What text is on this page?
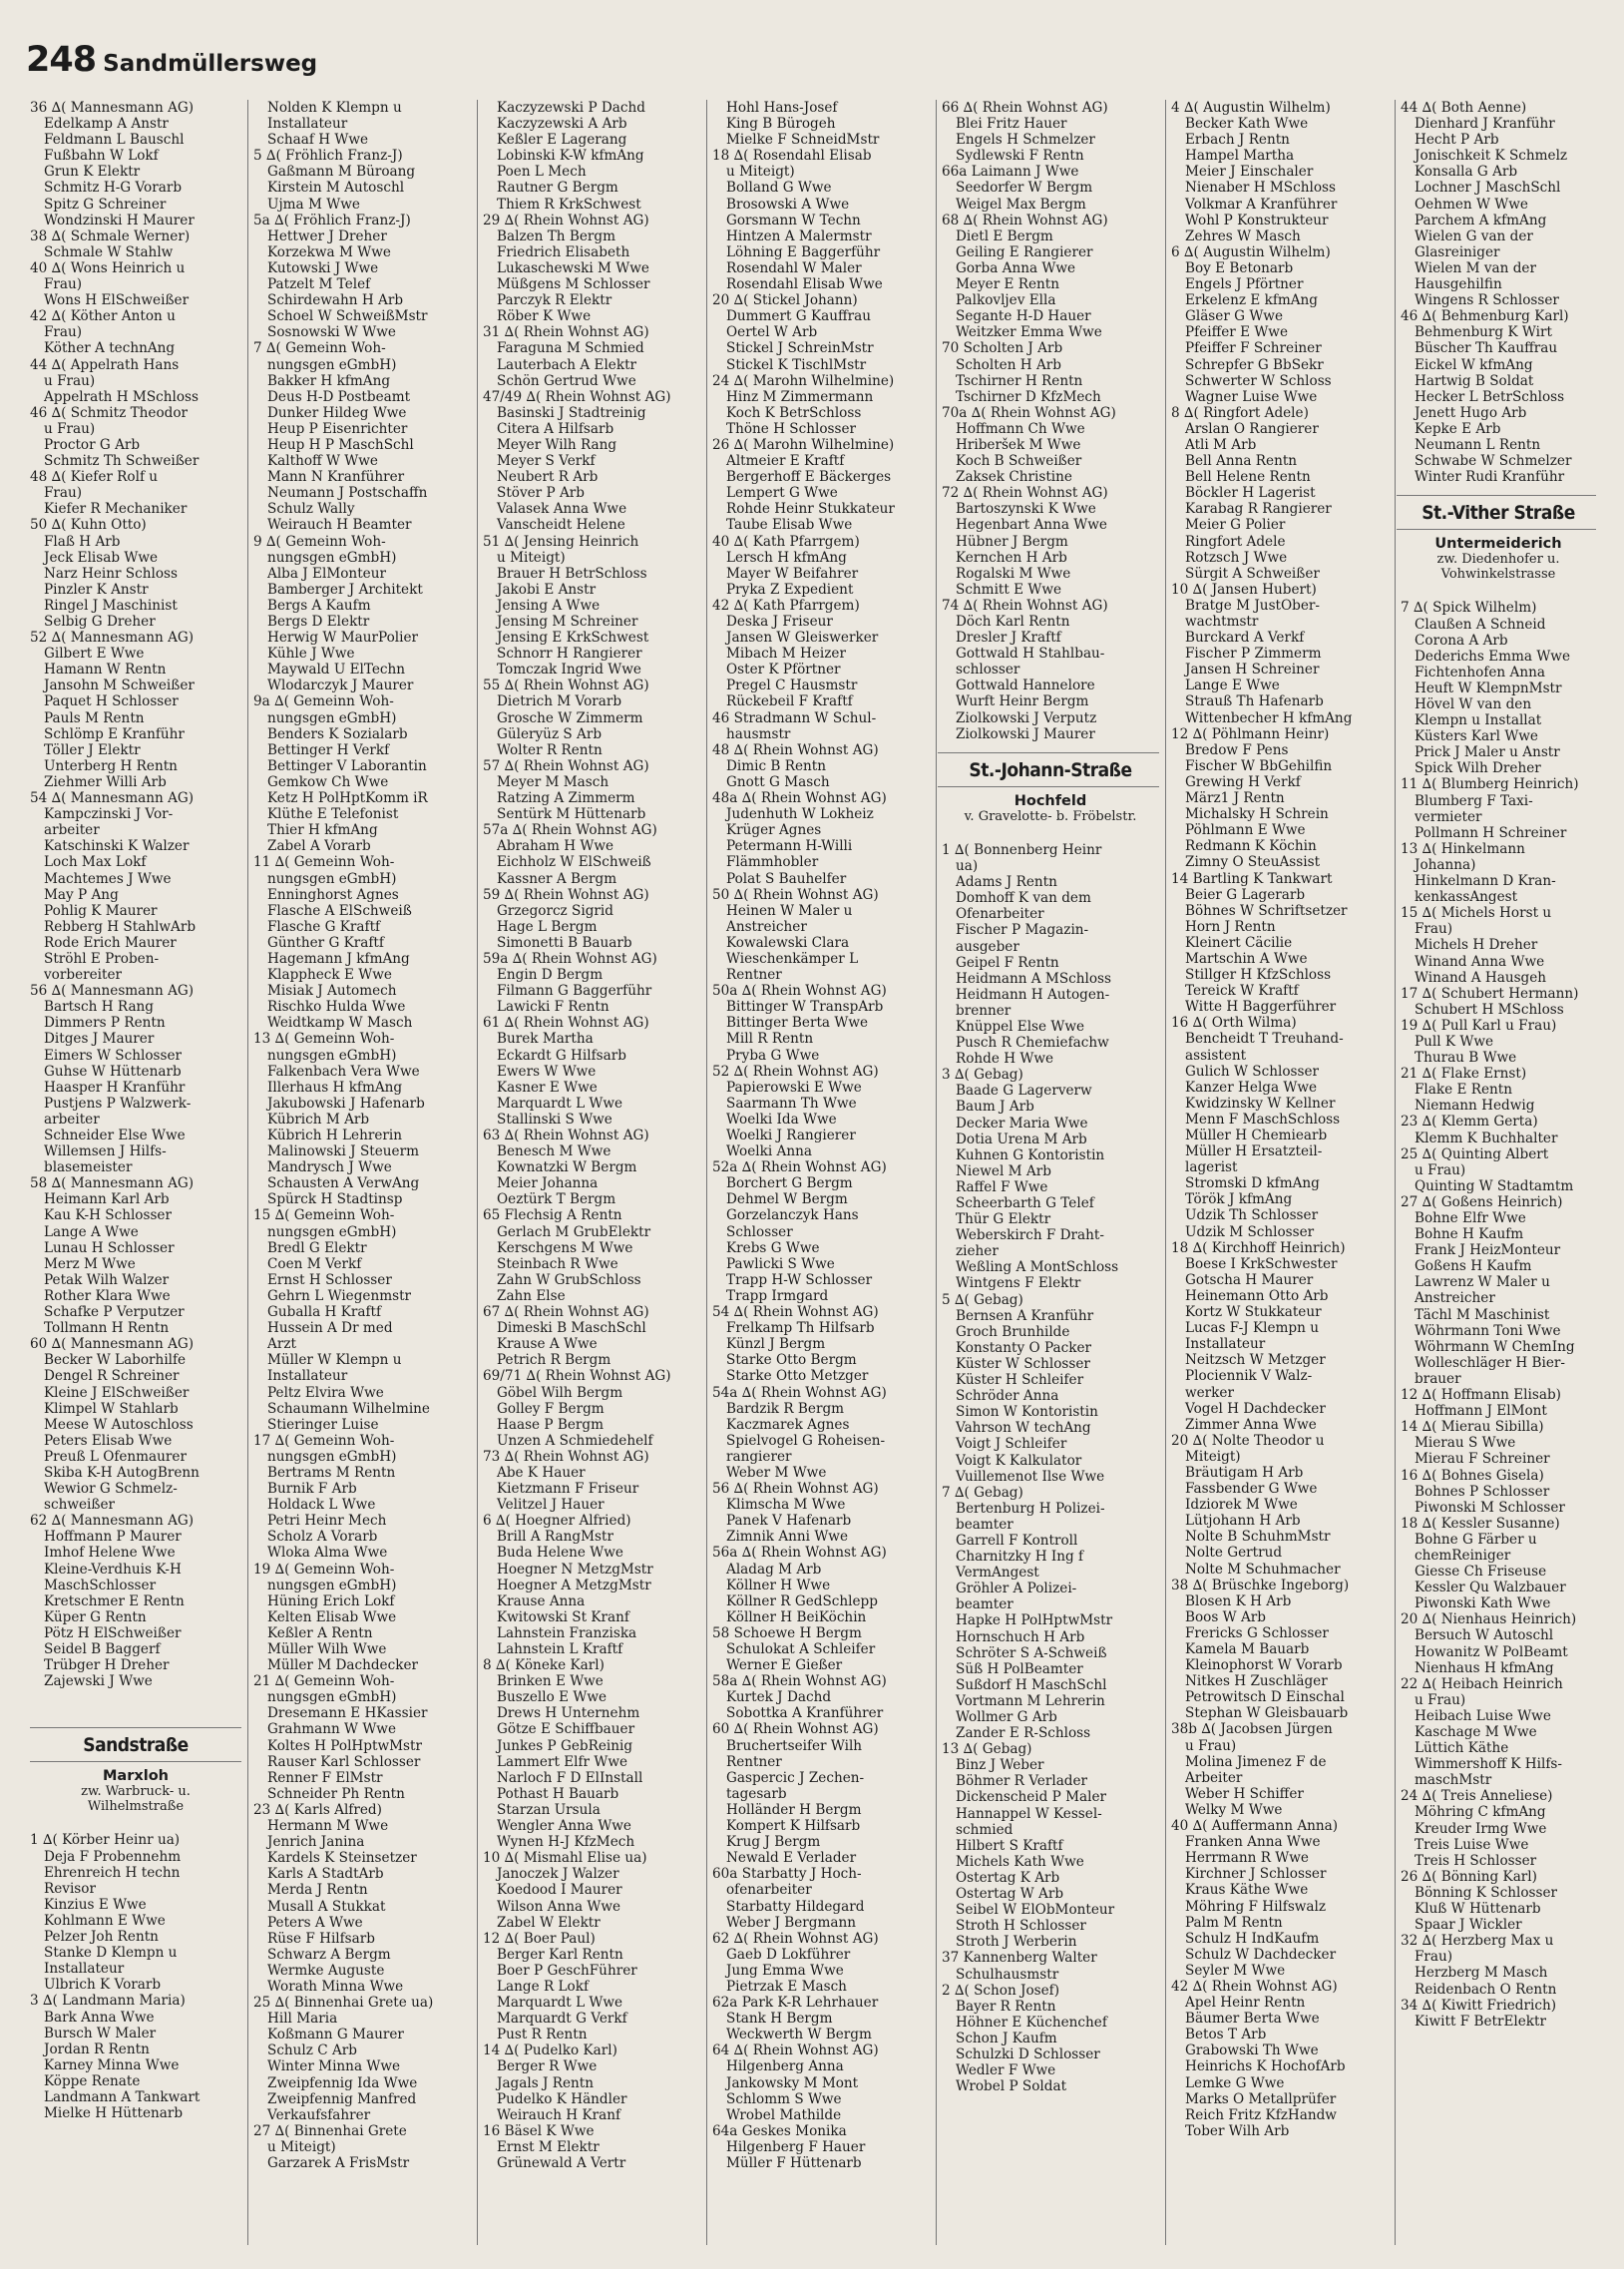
248 Sandmüllersweg
36 ∆( Mannesmann AG)
Edelkamp A Anstr
Feldmann L Bauschl
Fußbahn W Lokf
Grun K Elektr
Schmitz H-G Vorarb
Spitz G Schreiner
Wondzinski H Maurer
38 ∆( Schmale Werner)
Schmale W Stahlw
40 ∆( Wons Heinrich u
Frau)
Wons H ElSchweißer
42 ∆( Köther Anton u
Frau)
Köther A technAng
44 ∆( Appelrath Hans
u Frau)
Appelrath H MSchloss
46 ∆( Schmitz Theodor
u Frau)
Proctor G Arb
Schmitz Th Schweißer
48 ∆( Kiefer Rolf u
Frau)
Kiefer R Mechaniker
50 ∆( Kuhn Otto)
Flaß H Arb
Jeck Elisab Wwe
Narz Heinr Schloss
Pinzler K Anstr
Ringel J Maschinist
Selbig G Dreher
52 ∆( Mannesmann AG)
Gilbert E Wwe
Hamann W Rentn
Jansohn M Schweißer
Paquet H Schlosser
Pauls M Rentn
Schlömp E Kranführ
Töller J Elektr
Unterberg H Rentn
Ziehmer Willi Arb
54 ∆( Mannesmann AG)
Kampczinski J Vor-
arbeiter
Katschinski K Walzer
Loch Max Lokf
Machtemes J Wwe
May P Ang
Pohlig K Maurer
Rebberg H StahlwArb
Rode Erich Maurer
Ströhl E Proben-
vorbereiter
56 ∆( Mannesmann AG)
Bartsch H Rang
Dimmers P Rentn
Ditges J Maurer
Eimers W Schlosser
Guhse W Hüttenarb
Haasper H Kranführ
Pustjens P Walzwerk-
arbeiter
Schneider Else Wwe
Willemsen J Hilfs-
blasemeister
58 ∆( Mannesmann AG)
Heimann Karl Arb
Kau K-H Schlosser
Lange A Wwe
Lunau H Schlosser
Merz M Wwe
Petak Wilh Walzer
Rother Klara Wwe
Schafke P Verputzer
Tollmann H Rentn
60 ∆( Mannesmann AG)
Becker W Laborhilfe
Dengel R Schreiner
Kleine J ElSchweißer
Klimpel W Stahlarb
Meese W Autoschloss
Peters Elisab Wwe
Preuß L Ofenmaurer
Skiba K-H AutogBrenn
Wewior G Schmelz-
schweißer
62 ∆( Mannesmann AG)
Hoffmann P Maurer
Imhof Helene Wwe
Kleine-Verdhuis K-H
MaschSchlosser
Kretschmer E Rentn
Küper G Rentn
Pötz H ElSchweißer
Seidel B Baggerf
Trübger H Dreher
Zajewski J Wwe
Sandstraße
Marxloh
zw. Warbruck- u.
Wilhelmstraße
1 ∆( Körber Heinr ua)
Deja F Probennehm
Ehrenreich H techn
Revisor
Kinzius E Wwe
Kohlmann E Wwe
Pelzer Joh Rentn
Stanke D Klempn u
Installateur
Ulbrich K Vorarb
3 ∆( Landmann Maria)
Bark Anna Wwe
Bursch W Maler
Jordan R Rentn
Karney Minna Wwe
Köppe Renate
Landmann A Tankwart
Mielke H Hüttenarb
Nolden K Klempn u
Installateur
Schaaf H Wwe
5 ∆( Fröhlich Franz-J)
Gaßmann M Büroang
Kirstein M Autoschl
Ujma M Wwe
5a ∆( Fröhlich Franz-J)
Hettwer J Dreher
Korzekwa M Wwe
Kutowski J Wwe
Patzelt M Telef
Schirdewahn H Arb
Schoel W SchweißMstr
Sosnowski W Wwe
7 ∆( Gemeinn Woh-
nungsgen eGmbH)
Bakker H kfmAng
Deus H-D Postbeamt
Dunker Hildeg Wwe
Heup P Eisenrichter
Heup H P MaschSchl
Kalthoff W Wwe
Mann N Kranführer
Neumann J Postschaffn
Schulz Wally
Weirauch H Beamter
9 ∆( Gemeinn Woh-
nungsgen eGmbH)
Alba J ElMonteur
Bamberger J Architekt
Bergs A Kaufm
Bergs D Elektr
Herwig W MaurPolier
Kühle J Wwe
Maywald U ElTechn
Wlodarczyk J Maurer
9a ∆( Gemeinn Woh-
nungsgen eGmbH)
Benders K Sozialarb
Bettinger H Verkf
Bettinger V Laborantin
Gemkow Ch Wwe
Ketz H PolHptKomm iR
Klüthe E Telefonist
Thier H kfmAng
Zabel A Vorarb
11 ∆( Gemeinn Woh-
nungsgen eGmbH)
Enninghorst Agnes
Flasche A ElSchweiß
Flasche G Kraftf
Günther G Kraftf
Hagemann J kfmAng
Klappheck E Wwe
Misiak J Automech
Rischko Hulda Wwe
Weidtkamp W Masch
13 ∆( Gemeinn Woh-
nungsgen eGmbH)
Falkenbach Vera Wwe
Illerhaus H kfmAng
Jakubowski J Hafenarb
Kübrich M Arb
Kübrich H Lehrerin
Malinowski J Steuerm
Mandrysch J Wwe
Schausten A VerwAng
Spürck H Stadtinsp
15 ∆( Gemeinn Woh-
nungsgen eGmbH)
Bredl G Elektr
Coen M Verkf
Ernst H Schlosser
Gehrn L Wiegenmstr
Guballa H Kraftf
Hussein A Dr med
Arzt
Müller W Klempn u
Installateur
Peltz Elvira Wwe
Schaumann Wilhelmine
Stieringer Luise
17 ∆( Gemeinn Woh-
nungsgen eGmbH)
Bertrams M Rentn
Burnik F Arb
Holdack L Wwe
Petri Heinr Mech
Scholz A Vorarb
Wloka Alma Wwe
19 ∆( Gemeinn Woh-
nungsgen eGmbH)
Hüning Erich Lokf
Kelten Elisab Wwe
Keßler A Rentn
Müller Wilh Wwe
Müller M Dachdecker
21 ∆( Gemeinn Woh-
nungsgen eGmbH)
Dresemann E HKassier
Grahmann W Wwe
Koltes H PolHptwMstr
Rauser Karl Schlosser
Renner F ElMstr
Schneider Ph Rentn
23 ∆( Karls Alfred)
Hermann M Wwe
Jenrich Janina
Kardels K Steinsetzer
Karls A StadtArb
Merda J Rentn
Musall A Stukkat
Peters A Wwe
Rüse F Hilfsarb
Schwarz A Bergm
Wermke Auguste
Worath Minna Wwe
25 ∆( Binnenhai Grete ua)
Hill Maria
Koßmann G Maurer
Schulz C Arb
Winter Minna Wwe
Zweipfennig Ida Wwe
Zweipfennig Manfred
Verkaufsfahrer
27 ∆( Binnenhai Grete
u Miteigt)
Garzarek A FrisMstr
Kaczyzewski P Dachd
Kaczyzewski A Arb
Keßler E Lagerang
Lobinski K-W kfmAng
Poen L Mech
Rautner G Bergm
Thiem R KrkSchwest
29 ∆( Rhein Wohnst AG)
Balzen Th Bergm
Friedrich Elisabeth
Lukaschewski M Wwe
Müßgens M Schlosser
Parczyk R Elektr
Röber K Wwe
31 ∆( Rhein Wohnst AG)
Faraguna M Schmied
Lauterbach A Elektr
Schön Gertrud Wwe
47/49 ∆( Rhein Wohnst AG)
Basinski J Stadtreinig
Citera A Hilfsarb
Meyer Wilh Rang
Meyer S Verkf
Neubert R Arb
Stöver P Arb
Valasek Anna Wwe
Vanscheidt Helene
51 ∆( Jensing Heinrich
u Miteigt)
Brauer H BetrSchloss
Jakobi E Anstr
Jensing A Wwe
Jensing M Schreiner
Jensing E KrkSchwest
Schnorr H Rangierer
Tomczak Ingrid Wwe
55 ∆( Rhein Wohnst AG)
Dietrich M Vorarb
Grosche W Zimmerm
Güleryüz S Arb
Wolter R Rentn
57 ∆( Rhein Wohnst AG)
Meyer M Masch
Ratzing A Zimmerm
Sentürk M Hüttenarb
57a ∆( Rhein Wohnst AG)
Abraham H Wwe
Eichholz W ElSchweiß
Kassner A Bergm
59 ∆( Rhein Wohnst AG)
Grzegorcz Sigrid
Hage L Bergm
Simonetti B Bauarb
59a ∆( Rhein Wohnst AG)
Engin D Bergm
Filmann G Baggerführ
Lawicki F Rentn
61 ∆( Rhein Wohnst AG)
Burek Martha
Eckardt G Hilfsarb
Ewers W Wwe
Kasner E Wwe
Marquardt L Wwe
Stallinski S Wwe
63 ∆( Rhein Wohnst AG)
Benesch M Wwe
Kownatzki W Bergm
Meier Johanna
Oeztürk T Bergm
65 Flechsig A Rentn
Gerlach M GrubElektr
Kerschgens M Wwe
Steinbach R Wwe
Zahn W GrubSchloss
Zahn Else
67 ∆( Rhein Wohnst AG)
Dimeski B MaschSchl
Krause A Wwe
Petrich R Bergm
69/71 ∆( Rhein Wohnst AG)
Göbel Wilh Bergm
Golley F Bergm
Haase P Bergm
Unzen A Schmiedehelf
73 ∆( Rhein Wohnst AG)
Abe K Hauer
Kietzmann F Friseur
Velitzel J Hauer
6 ∆( Hoegner Alfried)
Brill A RangMstr
Buda Helene Wwe
Hoegner N MetzgMstr
Hoegner A MetzgMstr
Krause Anna
Kwitowski St Kranf
Lahnstein Franziska
Lahnstein L Kraftf
8 ∆( Köneke Karl)
Brinken E Wwe
Buszello E Wwe
Drews H Unternehm
Götze E Schiffbauer
Junkes P GebReinig
Lammert Elfr Wwe
Narloch F D ElInstall
Pothast H Bauarb
Starzan Ursula
Wengler Anna Wwe
Wynen H-J KfzMech
10 ∆( Mismahl Elise ua)
Janoczek J Walzer
Koedood I Maurer
Wilson Anna Wwe
Zabel W Elektr
12 ∆( Boer Paul)
Berger Karl Rentn
Boer P GeschFührer
Lange R Lokf
Marquardt L Wwe
Marquardt G Verkf
Pust R Rentn
14 ∆( Pudelko Karl)
Berger R Wwe
Jagals J Rentn
Pudelko K Händler
Weirauch H Kranf
16 Bäsel K Wwe
Ernst M Elektr
Grünewald A Vertr
Hohl Hans-Josef
King B Bürogeh
Mielke F SchneidMstr
18 ∆( Rosendahl Elisab
u Miteigt)
Bolland G Wwe
Brosowski A Wwe
Gorsmann W Techn
Hintzen A Malermstr
Löhning E Baggerführ
Rosendahl W Maler
Rosendahl Elisab Wwe
20 ∆( Stickel Johann)
Dummert G Kauffrau
Oertel W Arb
Stickel J SchreinMstr
Stickel K TischlMstr
24 ∆( Marohn Wilhelmine)
Hinz M Zimmermann
Koch K BetrSchloss
Thöne H Schlosser
26 ∆( Marohn Wilhelmine)
Altmeier E Kraftf
Bergerhoff E Bäckerges
Lempert G Wwe
Rohde Heinr Stukkateur
Taube Elisab Wwe
40 ∆( Kath Pfarrgem)
Lersch H kfmAng
Mayer W Beifahrer
Pryka Z Expedient
42 ∆( Kath Pfarrgem)
Deska J Friseur
Jansen W Gleiswerker
Mibach M Heizer
Oster K Pförtner
Pregel C Hausmstr
Rückebeil F Kraftf
46 Stradmann W Schul-
hausmstr
48 ∆( Rhein Wohnst AG)
Dimic B Rentn
Gnott G Masch
48a ∆( Rhein Wohnst AG)
Judenhuth W Lokheiz
Krüger Agnes
Petermann H-Willi
Flämmhobler
Polat S Bauhelfer
50 ∆( Rhein Wohnst AG)
Heinen W Maler u
Anstreicher
Kowalewski Clara
Wieschenkämper L
Rentner
50a ∆( Rhein Wohnst AG)
Bittinger W TranspArb
Bittinger Berta Wwe
Mill R Rentn
Pryba G Wwe
52 ∆( Rhein Wohnst AG)
Papierowski E Wwe
Saarmann Th Wwe
Woelki Ida Wwe
Woelki J Rangierer
Woelki Anna
52a ∆( Rhein Wohnst AG)
Borchert G Bergm
Dehmel W Bergm
Gorzelanczyk Hans
Schlosser
Krebs G Wwe
Pawlicki S Wwe
Trapp H-W Schlosser
Trapp Irmgard
54 ∆( Rhein Wohnst AG)
Frelkamp Th Hilfsarb
Künzl J Bergm
Starke Otto Bergm
Starke Otto Metzger
54a ∆( Rhein Wohnst AG)
Bardzik R Bergm
Kaczmarek Agnes
Spielvogel G Roheisen-
rangierer
Weber M Wwe
56 ∆( Rhein Wohnst AG)
Klimscha M Wwe
Panek V Hafenarb
Zimnik Anni Wwe
56a ∆( Rhein Wohnst AG)
Aladag M Arb
Köllner H Wwe
Köllner R GedSchlepp
Köllner H BeiKöchin
58 Schoewe H Bergm
Schulokat A Schleifer
Werner E Gießer
58a ∆( Rhein Wohnst AG)
Kurtek J Dachd
Sobottka A Kranführer
60 ∆( Rhein Wohnst AG)
Bruchertseifer Wilh
Rentner
Gaspercic J Zechen-
tagesarb
Holländer H Bergm
Kompert K Hilfsarb
Krug J Bergm
Newald E Verlader
60a Starbatty J Hoch-
ofenarbeiter
Starbatty Hildegard
Weber J Bergmann
62 ∆( Rhein Wohnst AG)
Gaeb D Lokführer
Jung Emma Wwe
Pietrzak E Masch
62a Park K-R Lehrhauer
Stank H Bergm
Weckwerth W Bergm
64 ∆( Rhein Wohnst AG)
Hilgenberg Anna
Jankowsky M Mont
Schlomm S Wwe
Wrobel Mathilde
64a Geskes Monika
Hilgenberg F Hauer
Müller F Hüttenarb
66 ∆( Rhein Wohnst AG)
Blei Fritz Hauer
Engels H Schmelzer
Sydlewski F Rentn
66a Laimann J Wwe
Seedorfer W Bergm
Weigel Max Bergm
68 ∆( Rhein Wohnst AG)
Dietl E Bergm
Geiling E Rangierer
Gorba Anna Wwe
Meyer E Rentn
Palkovljev Ella
Segante H-D Hauer
Weitzker Emma Wwe
70 Scholten J Arb
Scholten H Arb
Tschirner H Rentn
Tschirner D KfzMech
70a ∆( Rhein Wohnst AG)
Hoffmann Ch Wwe
Hriberšek M Wwe
Koch B Schweißer
Zaksek Christine
72 ∆( Rhein Wohnst AG)
Bartoszynski K Wwe
Hegenbart Anna Wwe
Hübner J Bergm
Kernchen H Arb
Rogalski M Wwe
Schmitt E Wwe
74 ∆( Rhein Wohnst AG)
Döch Karl Rentn
Dresler J Kraftf
Gottwald H Stahlbau-
schlosser
Gottwald Hannelore
Wurft Heinr Bergm
Ziolkowski J Verputz
Ziolkowski J Maurer
St.-Johann-Straße
Hochfeld
v. Gravelotte- b. Fröbelstr.
1 ∆( Bonnenberg Heinr
ua)
Adams J Rentn
Domhoff K van dem
Ofenarbeiter
Fischer P Magazin-
ausgeber
Geipel F Rentn
Heidmann A MSchloss
Heidmann H Autogen-
brenner
Knüppel Else Wwe
Pusch R Chemiefachw
Rohde H Wwe
3 ∆( Gebag)
Baade G Lagerverw
Baum J Arb
Decker Maria Wwe
Dotia Urena M Arb
Kuhnen G Kontoristin
Niewel M Arb
Raffel F Wwe
Scheerbarth G Telef
Thür G Elektr
Weberskirch F Draht-
zieher
Weßling A MontSchloss
Wintgens F Elektr
5 ∆( Gebag)
Bernsen A Kranführ
Groch Brunhilde
Konstanty O Packer
Küster W Schlosser
Küster H Schleifer
Schröder Anna
Simon W Kontoristin
Vahrson W techAng
Voigt J Schleifer
Voigt K Kalkulator
Vuillemenot Ilse Wwe
7 ∆( Gebag)
Bertenburg H Polizei-
beamter
Garrell F Kontroll
Charnitzky H Ing f
VermAngest
Gröhler A Polizei-
beamter
Hapke H PolHptwMstr
Hornschuch H Arb
Schröter S A-Schweiß
Süß H PolBeamter
Sußdorf H MaschSchl
Vortmann M Lehrerin
Wollmer G Arb
Zander E R-Schloss
13 ∆( Gebag)
Binz J Weber
Böhmer R Verlader
Dickenscheid P Maler
Hannappel W Kessel-
schmied
Hilbert S Kraftf
Michels Kath Wwe
Ostertag K Arb
Ostertag W Arb
Seibel W ElObMonteur
Stroth H Schlosser
Stroth J Werberin
37 Kannenberg Walter
Schulhausmstr
2 ∆( Schon Josef)
Bayer R Rentn
Höhner E Küchenchef
Schon J Kaufm
Schulzki D Schlosser
Wedler F Wwe
Wrobel P Soldat
4 ∆( Augustin Wilhelm)
Becker Kath Wwe
Erbach J Rentn
Hampel Martha
Meier J Einschaler
Nienaber H MSchloss
Volkmar A Kranführer
Wohl P Konstrukteur
Zehres W Masch
6 ∆( Augustin Wilhelm)
Boy E Betonarb
Engels J Pförtner
Erkelenz E kfmAng
Gläser G Wwe
Pfeiffer E Wwe
Pfeiffer F Schreiner
Schrepfer G BbSekr
Schwerter W Schloss
Wagner Luise Wwe
8 ∆( Ringfort Adele)
Arslan O Rangierer
Atli M Arb
Bell Anna Rentn
Bell Helene Rentn
Böckler H Lagerist
Karabag R Rangierer
Meier G Polier
Ringfort Adele
Rotzsch J Wwe
Sürgit A Schweißer
10 ∆( Jansen Hubert)
Bratge M JustOber-
wachtmstr
Burckard A Verkf
Fischer P Zimmerm
Jansen H Schreiner
Lange E Wwe
Strauß Th Hafenarb
Wittenbecher H kfmAng
12 ∆( Pöhlmann Heinr)
Bredow F Pens
Fischer W BbGehilfin
Grewing H Verkf
März1 J Rentn
Michalsky H Schrein
Pöhlmann E Wwe
Redmann K Köchin
Zimny O SteuAssist
14 Bartling K Tankwart
Beier G Lagerarb
Böhnes W Schriftsetzer
Horn J Rentn
Kleinert Cäcilie
Martschin A Wwe
Stillger H KfzSchloss
Tereick W Kraftf
Witte H Baggerführer
16 ∆( Orth Wilma)
Bencheidt T Treuhand-
assistent
Gulich W Schlosser
Kanzer Helga Wwe
Kwidzinsky W Kellner
Menn F MaschSchloss
Müller H Chemiearb
Müller H Ersatzteil-
lagerist
Stromski D kfmAng
Török J kfmAng
Udzik Th Schlosser
Udzik M Schlosser
18 ∆( Kirchhoff Heinrich)
Boese I KrkSchwester
Gotscha H Maurer
Heinemann Otto Arb
Kortz W Stukkateur
Lucas F-J Klempn u
Installateur
Neitzsch W Metzger
Plociennik V Walz-
werker
Vogel H Dachdecker
Zimmer Anna Wwe
20 ∆( Nolte Theodor u
Miteigt)
Bräutigam H Arb
Fassbender G Wwe
Idziorek M Wwe
Lütjohann H Arb
Nolte B SchuhmMstr
Nolte Gertrud
Nolte M Schuhmacher
38 ∆( Brüschke Ingeborg)
Blosen K H Arb
Boos W Arb
Frericks G Schlosser
Kamela M Bauarb
Kleinophorst W Vorarb
Nitkes H Zuschläger
Petrowitsch D Einschal
Stephan W Gleisbauarb
38b ∆( Jacobsen Jürgen
u Frau)
Molina Jimenez F de
Arbeiter
Weber H Schiffer
Welky M Wwe
40 ∆( Auffermann Anna)
Franken Anna Wwe
Herrmann R Wwe
Kirchner J Schlosser
Kraus Käthe Wwe
Möhring F Hilfswalz
Palm M Rentn
Schulz H IndKaufm
Schulz W Dachdecker
Seyler M Wwe
42 ∆( Rhein Wohnst AG)
Apel Heinr Rentn
Bäumer Berta Wwe
Betos T Arb
Grabowski Th Wwe
Heinrichs K HochofArb
Lemke G Wwe
Marks O Metallprüfer
Reich Fritz KfzHandw
Tober Wilh Arb
44 ∆( Both Aenne)
Dienhard J Kranführ
Hecht P Arb
Jonischkeit K Schmelz
Konsalla G Arb
Lochner J MaschSchl
Oehmen W Wwe
Parchem A kfmAng
Wielen G van der
Glasreiniger
Wielen M van der
Hausgehilfin
Wingens R Schlosser
46 ∆( Behmenburg Karl)
Behmenburg K Wirt
Büscher Th Kauffrau
Eickel W kfmAng
Hartwig B Soldat
Hecker L BetrSchloss
Jenett Hugo Arb
Kepke E Arb
Neumann L Rentn
Schwabe W Schmelzer
Winter Rudi Kranführ
St.-Vither Straße
Untermeiderich
zw. Diedenhofer u.
Vohwinkelstrasse
7 ∆( Spick Wilhelm)
Claußen A Schneid
Corona A Arb
Dederichs Emma Wwe
Fichtenhofen Anna
Heuft W KlempnMstr
Hövel W van den
Klempn u Installat
Küsters Karl Wwe
Prick J Maler u Anstr
Spick Wilh Dreher
11 ∆( Blumberg Heinrich)
Blumberg F Taxi-
vermieter
Pollmann H Schreiner
13 ∆( Hinkelmann
Johanna)
Hinkelmann D Kran-
kenkassAngest
15 ∆( Michels Horst u
Frau)
Michels H Dreher
Winand Anna Wwe
Winand A Hausgeh
17 ∆( Schubert Hermann)
Schubert H MSchloss
19 ∆( Pull Karl u Frau)
Pull K Wwe
Thurau B Wwe
21 ∆( Flake Ernst)
Flake E Rentn
Niemann Hedwig
23 ∆( Klemm Gerta)
Klemm K Buchhalter
25 ∆( Quinting Albert
u Frau)
Quinting W Stadtamtm
27 ∆( Goßens Heinrich)
Bohne Elfr Wwe
Bohne H Kaufm
Frank J HeizMonteur
Goßens H Kaufm
Lawrenz W Maler u
Anstreicher
Tächl M Maschinist
Wöhrmann Toni Wwe
Wöhrmann W ChemIng
Wolleschläger H Bier-
brauer
12 ∆( Hoffmann Elisab)
Hoffmann J ElMont
14 ∆( Mierau Sibilla)
Mierau S Wwe
Mierau F Schreiner
16 ∆( Bohnes Gisela)
Bohnes P Schlosser
Piwonski M Schlosser
18 ∆( Kessler Susanne)
Bohne G Färber u
chemReiniger
Giesse Ch Friseuse
Kessler Qu Walzbauer
Piwonski Kath Wwe
20 ∆( Nienhaus Heinrich)
Bersuch W Autoschl
Howanitz W PolBeamt
Nienhaus H kfmAng
22 ∆( Heibach Heinrich
u Frau)
Heibach Luise Wwe
Kaschage M Wwe
Lüttich Käthe
Wimmershoff K Hilfs-
maschMstr
24 ∆( Treis Anneliese)
Möhring C kfmAng
Kreuder Irmg Wwe
Treis Luise Wwe
Treis H Schlosser
26 ∆( Bönning Karl)
Bönning K Schlosser
Kluß W Hüttenarb
Spaar J Wickler
32 ∆( Herzberg Max u
Frau)
Herzberg M Masch
Reidenbach O Rentn
34 ∆( Kiwitt Friedrich)
Kiwitt F BetrElektr
